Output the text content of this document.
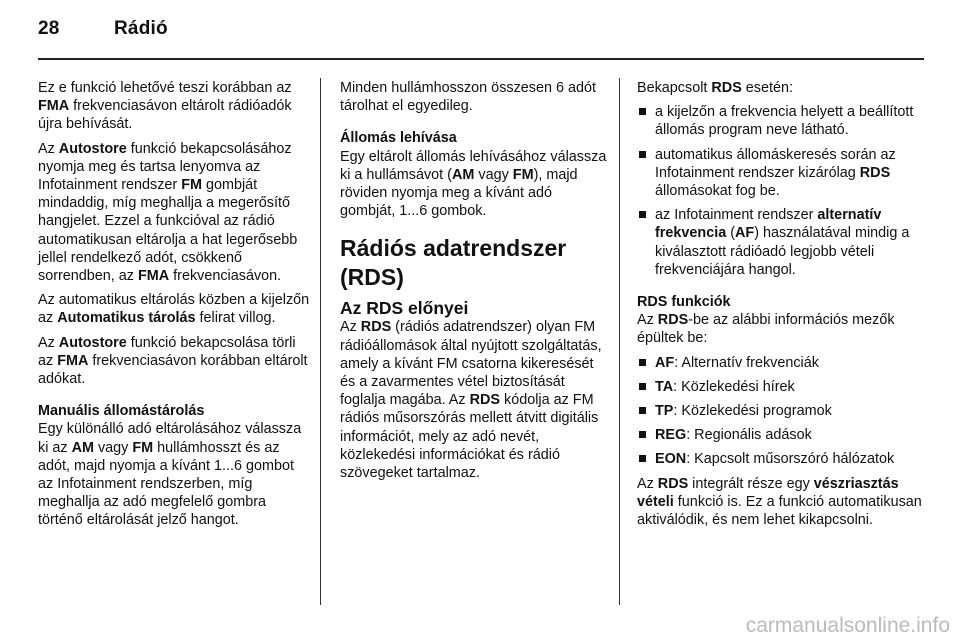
28	Rádió

Ez e funkció lehetővé teszi korábban az FMA frekvenciasávon eltárolt rádióadók újra behívását.

Az Autostore funkció bekapcsolásához nyomja meg és tartsa lenyomva az Infotainment rendszer FM gombját mindaddig, míg meghallja a megerősítő hangjelet. Ezzel a funkcióval az rádió automatikusan eltárolja a hat legerősebb jellel rendelkező adót, csökkenő sorrendben, az FMA frekvenciasávon.

Az automatikus eltárolás közben a kijelzőn az Automatikus tárolás felirat villog.

Az Autostore funkció bekapcsolása törli az FMA frekvenciasávon korábban eltárolt adókat.

Manuális állomástárolás

Egy különálló adó eltárolásához válassza ki az AM vagy FM hullámhosszt és az adót, majd nyomja a kívánt 1...6 gombot az Infotainment rendszerben, míg meghallja az adó megfelelő gombra történő eltárolását jelző hangot.

Minden hullámhosszon összesen 6 adót tárolhat el egyedileg.

Állomás lehívása

Egy eltárolt állomás lehívásához válassza ki a hullámsávot (AM vagy FM), majd röviden nyomja meg a kívánt adó gombját, 1...6 gombok.

Rádiós adatrendszer (RDS)
Az RDS előnyei

Az RDS (rádiós adatrendszer) olyan FM rádióállomások által nyújtott szolgáltatás, amely a kívánt FM csatorna kikeresését és a zavarmentes vétel biztosítását foglalja magába. Az RDS kódolja az FM rádiós műsorszórás mellett átvitt digitális információt, mely az adó nevét, közlekedési információkat és rádió szövegeket tartalmaz.

Bekapcsolt RDS esetén:

a kijelzőn a frekvencia helyett a beállított állomás program neve látható.
automatikus állomáskeresés során az Infotainment rendszer kizárólag RDS állomásokat fog be.
az Infotainment rendszer alternatív frekvencia (AF) használatával mindig a kiválasztott rádióadó legjobb vételi frekvenciájára hangol.
RDS funkciók

Az RDS-be az alábbi információs mezők épültek be:

AF: Alternatív frekvenciák
TA: Közlekedési hírek
TP: Közlekedési programok
REG: Regionális adások
EON: Kapcsolt műsorszóró hálózatok

Az RDS integrált része egy vészriasztás vételi funkció is. Ez a funkció automatikusan aktiválódik, és nem lehet kikapcsolni.

carmanualsonline.info
